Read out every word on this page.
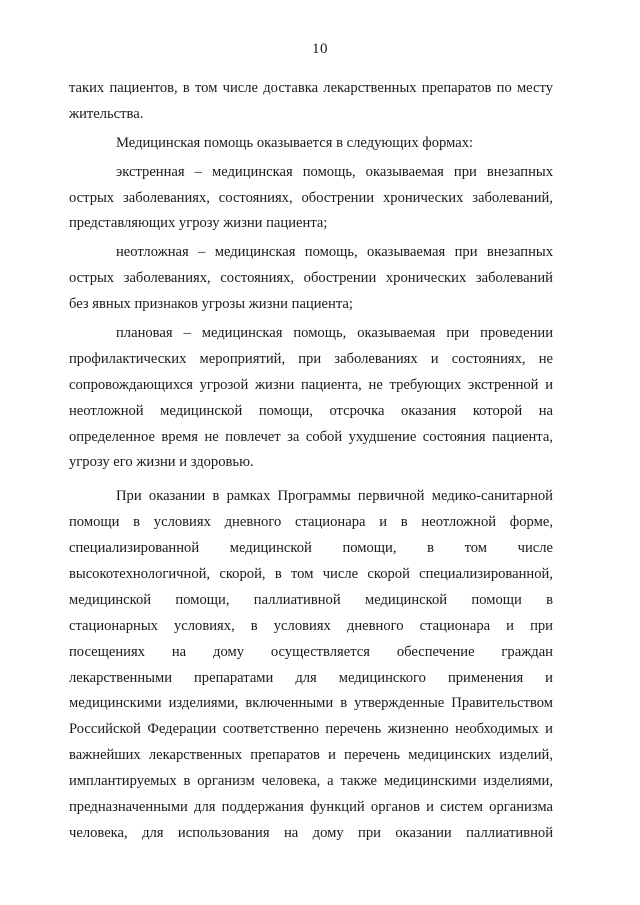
10
таких пациентов, в том числе доставка лекарственных препаратов по месту
жительства.
Медицинская помощь оказывается в следующих формах:
экстренная – медицинская помощь, оказываемая при внезапных
острых заболеваниях, состояниях, обострении хронических заболеваний,
представляющих угрозу жизни пациента;
неотложная – медицинская помощь, оказываемая при внезапных
острых заболеваниях, состояниях, обострении хронических заболеваний
без явных признаков угрозы жизни пациента;
плановая – медицинская помощь, оказываемая при проведении
профилактических мероприятий, при заболеваниях и состояниях, не
сопровождающихся угрозой жизни пациента, не требующих экстренной и
неотложной медицинской помощи, отсрочка оказания которой на
определенное время не повлечет за собой ухудшение состояния пациента,
угрозу его жизни и здоровью.
При оказании в рамках Программы первичной медико-санитарной
помощи в условиях дневного стационара и в неотложной форме,
специализированной медицинской помощи, в том числе
высокотехнологичной, скорой, в том числе скорой специализированной,
медицинской помощи, паллиативной медицинской помощи в
стационарных условиях, в условиях дневного стационара и при
посещениях на дому осуществляется обеспечение граждан
лекарственными препаратами для медицинского применения и
медицинскими изделиями, включенными в утвержденные Правительством
Российской Федерации соответственно перечень жизненно необходимых и
важнейших лекарственных препаратов и перечень медицинских изделий,
имплантируемых в организм человека, а также медицинскими изделиями,
предназначенными для поддержания функций органов и систем организма
человека, для использования на дому при оказании паллиативной
